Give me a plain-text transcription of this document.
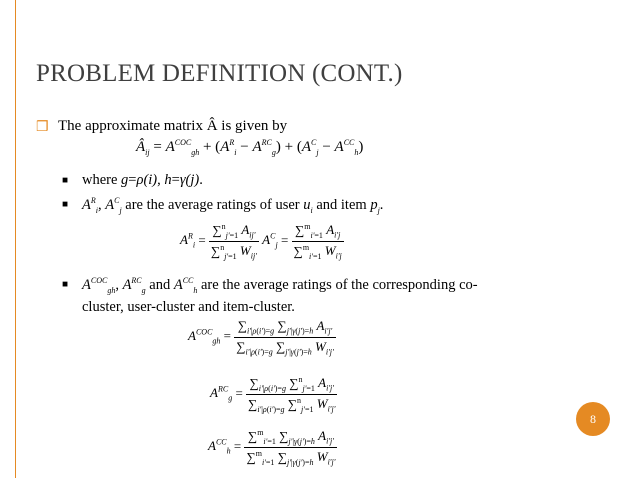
PROBLEM DEFINITION (CONT.)
❒ The approximate matrix Â is given by
$Â_{ij} = A^{COC}_{gh} + (A^R_i - A^{RC}_g) + (A^C_j - A^{CC}_h)$
■ where g=ρ(i), h=γ(j).
■ $A^R_i$, $A^C_j$ are the average ratings of user $u_i$ and item $p_j$.
$A^R_i = \frac{\sum^n_{j'=1} A_{ij'}}{\sum^n_{j'=1} W_{ij'}} A^C_j = \frac{\sum^m_{i'=1} A_{i'j}}{\sum^m_{i'=1} W_{i'j}}$
■ $A^{COC}_{gh}$, $A^{RC}_g$ and $A^{CC}_h$ are the average ratings of the corresponding co-
cluster, user-cluster and item-cluster.
$A^{COC}_{gh} = \frac{\sum_{i'|\rho(i')=g} \sum_{j'|\gamma(j')=h} A_{i'j'}}{\sum_{i'|\rho(i')=g} \sum_{j'|\gamma(j')=h} W_{i'j'}}$
$A^{RC}_g = \frac{\sum_{i'|\rho(i')=g} \sum^n_{j'=1} A_{i'j'}}{\sum_{i'|\rho(i')=g} \sum^n_{j'=1} W_{i'j'}}$
$A^{CC}_h = \frac{\sum^m_{i'=1} \sum_{j'|\gamma(j')=h} A_{i'j'}}{\sum^m_{i'=1} \sum_{j'|\gamma(j')=h} W_{i'j'}}$
8
